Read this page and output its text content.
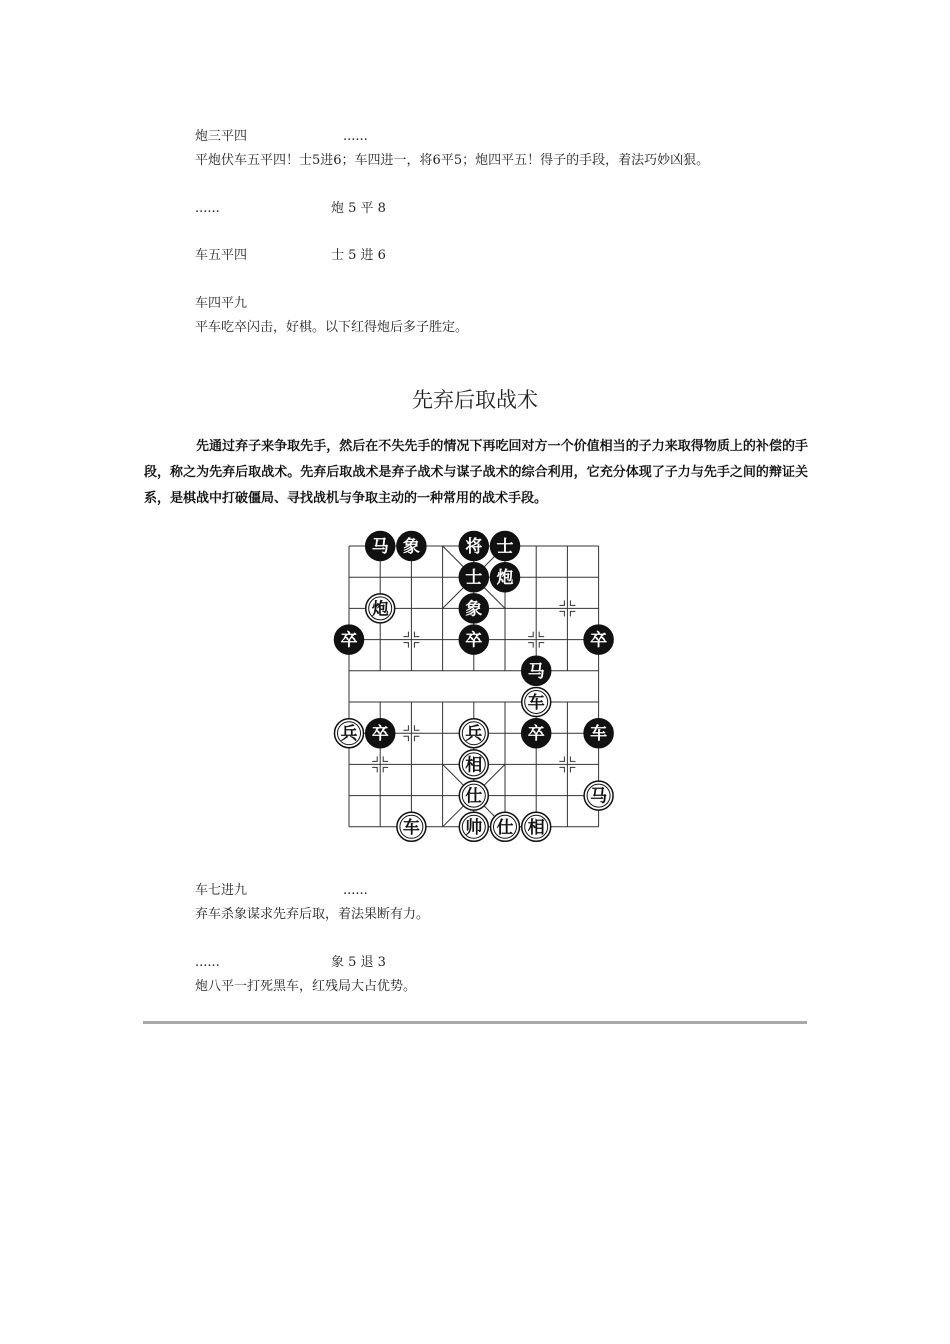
炮三平四	......
平炮伏车五平四！士5进6；车四进一，将6平5；炮四平五！得子的手段，着法巧妙凶狠。
......	炮 5 平 8
车五平四	士 5 进 6
车四平九
平车吃卒闪击，好棋。以下红得炮后多子胜定。
先弃后取战术

先通过弃子来争取先手，然后在不失先手的情况下再吃回对方一个价值相当的子力来取得物质上的补偿的手段，称之为先弃后取战术。先弃后取战术是弃子战术与谋子战术的综合利用，它充分体现了子力与先手之间的辩证关系，是棋战中打破僵局、寻找战机与争取主动的一种常用的战术手段。

马 象	将 士
士 炮
炮	象
卒	卒	卒
马
车
兵 卒	兵	卒	车
相
仕	马
车	帅 仕 相
车七进九	......
弃车杀象谋求先弃后取，着法果断有力。
......	象 5 退 3
炮八平一打死黑车，红残局大占优势。
